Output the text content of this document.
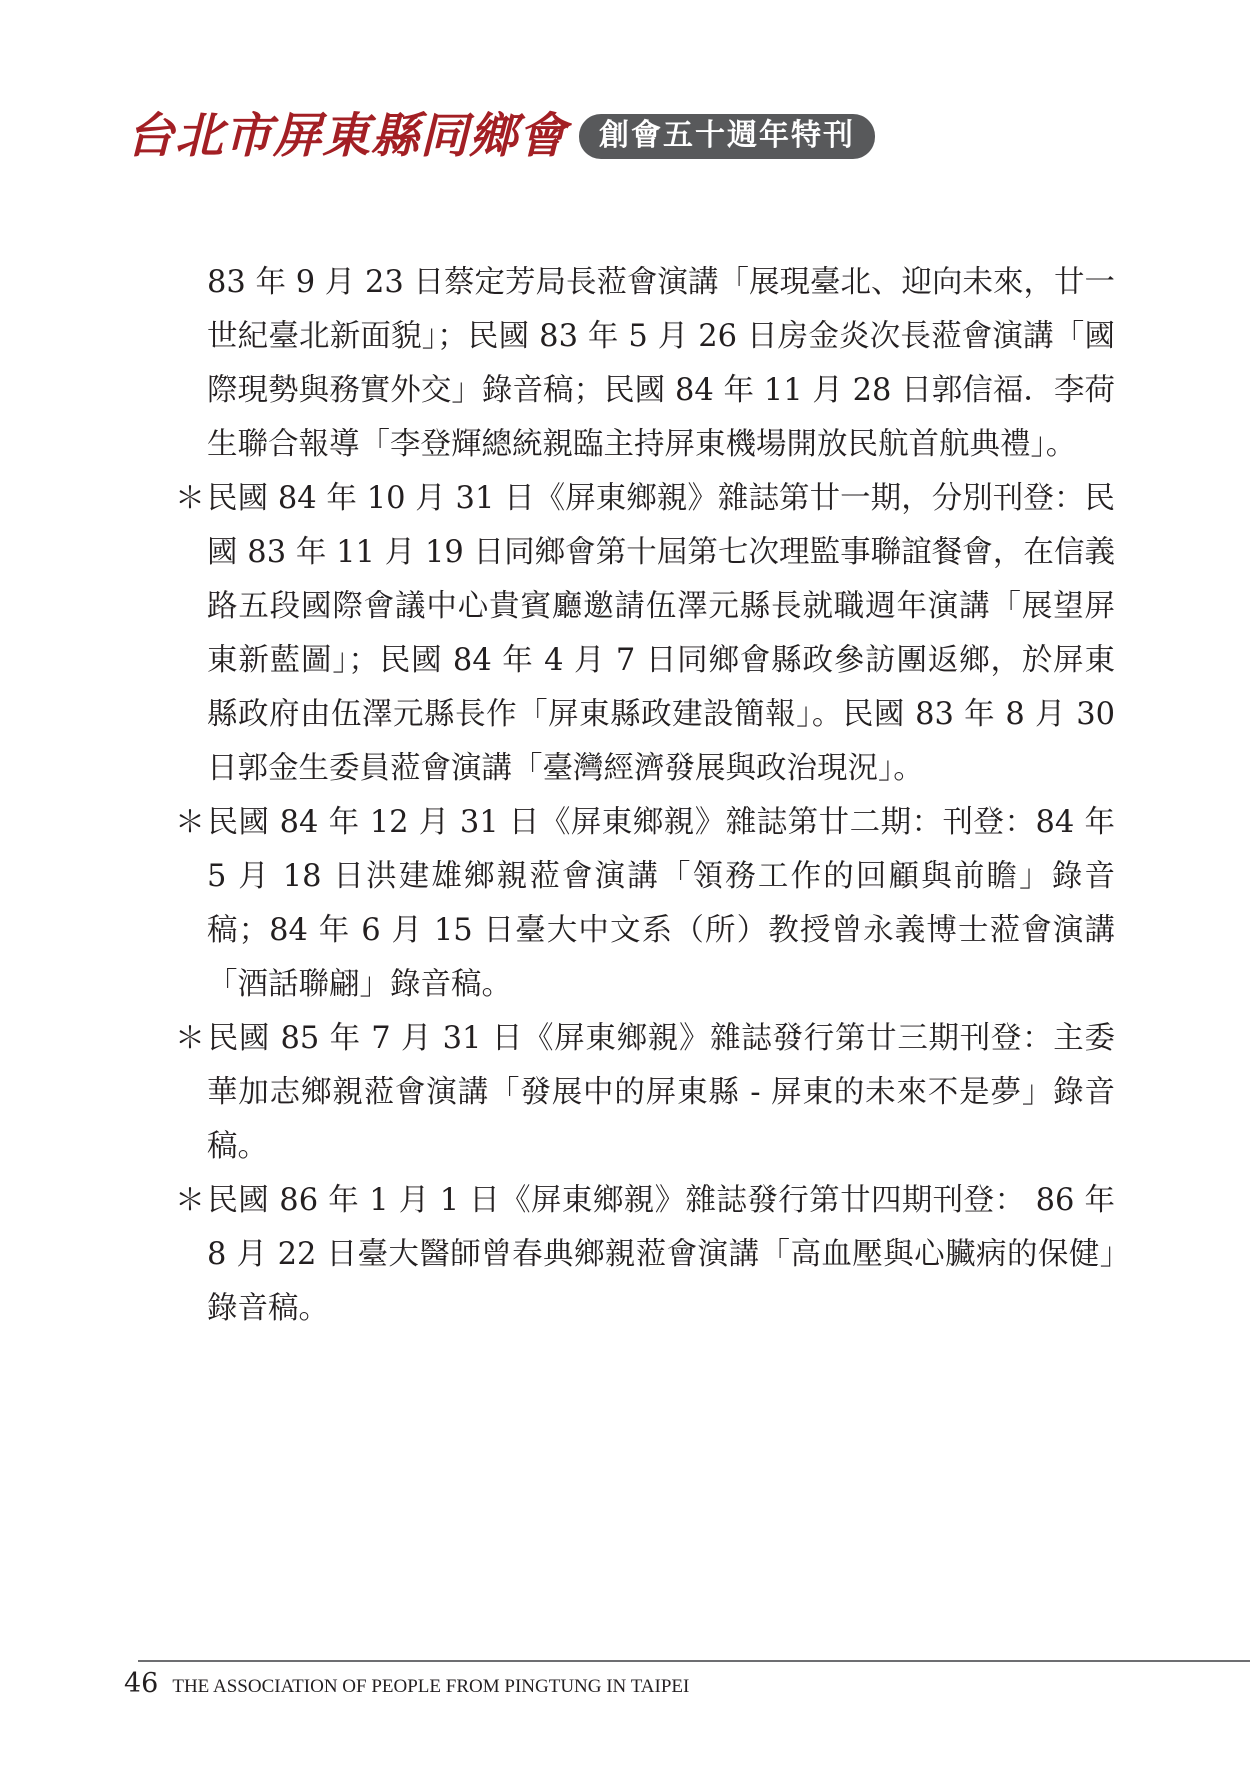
台北市屏東縣同鄉會	創會五十週年特刊

83 年 9 月 23 日蔡定芳局長蒞會演講「展現臺北、迎向未來，廿一世紀臺北新面貌」；民國 83 年 5 月 26 日房金炎次長蒞會演講「國際現勢與務實外交」錄音稿；民國 84 年 11 月 28 日郭信福．李荷生聯合報導「李登輝總統親臨主持屏東機場開放民航首航典禮」。

＊民國 84 年 10 月 31 日《屏東鄉親》雜誌第廿一期，分別刊登：民國 83 年 11 月 19 日同鄉會第十屆第七次理監事聯誼餐會，在信義路五段國際會議中心貴賓廳邀請伍澤元縣長就職週年演講「展望屏東新藍圖」；民國 84 年 4 月 7 日同鄉會縣政參訪團返鄉，於屏東縣政府由伍澤元縣長作「屏東縣政建設簡報」。民國 83 年 8 月 30 日郭金生委員蒞會演講「臺灣經濟發展與政治現況」。

＊民國 84 年 12 月 31 日《屏東鄉親》雜誌第廿二期：刊登：84 年 5 月 18 日洪建雄鄉親蒞會演講「領務工作的回顧與前瞻」錄音稿；84 年 6 月 15 日臺大中文系（所）教授曾永義博士蒞會演講「酒話聯翩」錄音稿。

＊民國 85 年 7 月 31 日《屏東鄉親》雜誌發行第廿三期刊登：主委華加志鄉親蒞會演講「發展中的屏東縣 - 屏東的未來不是夢」錄音稿。

＊民國 86 年 1 月 1 日《屏東鄉親》雜誌發行第廿四期刊登： 86 年 8 月 22 日臺大醫師曾春典鄉親蒞會演講「高血壓與心臟病的保健」錄音稿。

46 THE ASSOCIATION OF PEOPLE FROM PINGTUNG IN TAIPEI
